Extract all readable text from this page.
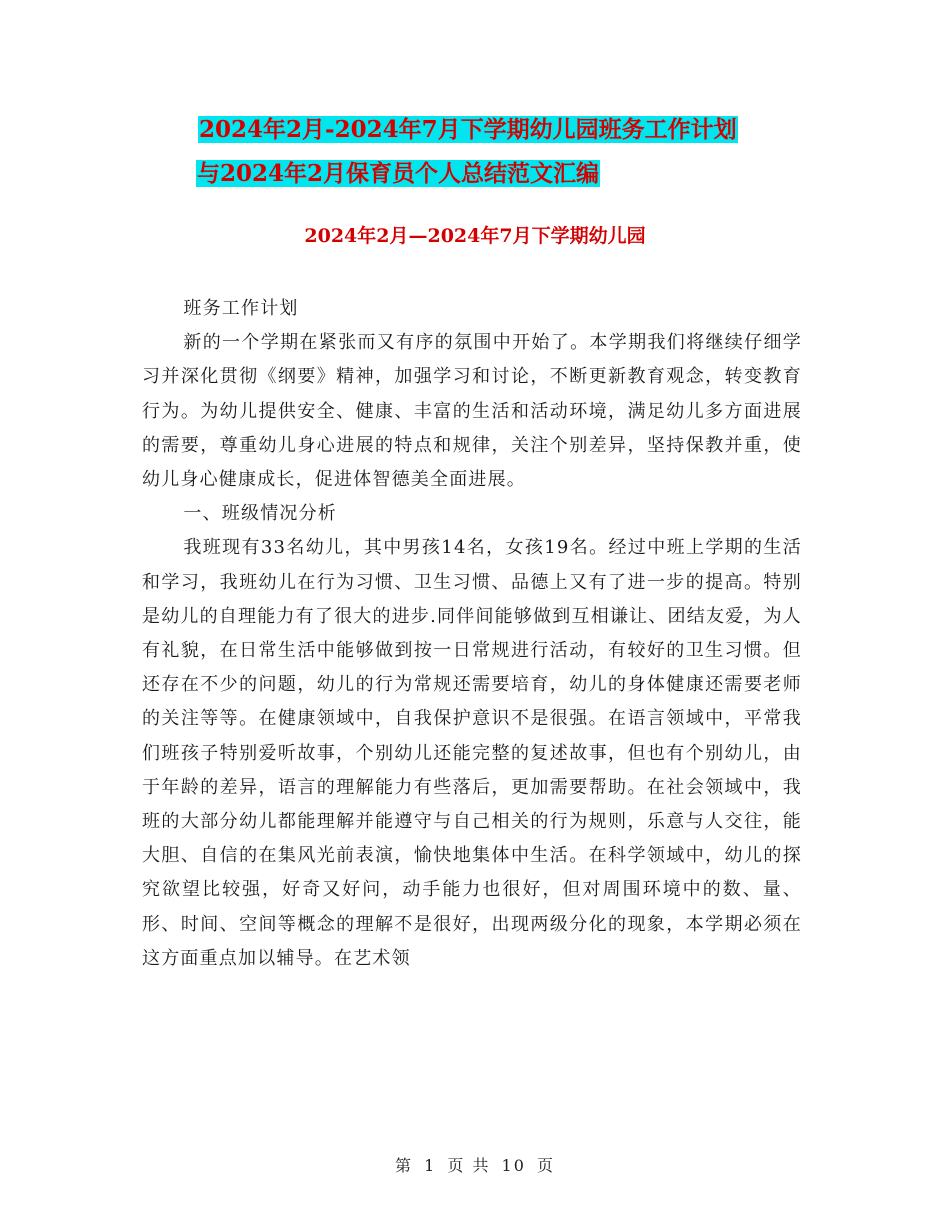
2024年2月-2024年7月下学期幼儿园班务工作计划
与2024年2月保育员个人总结范文汇编
2024年2月—2024年7月下学期幼儿园

班务工作计划

新的一个学期在紧张而又有序的氛围中开始了。本学期我们将继续仔细学习并深化贯彻《纲要》精神，加强学习和讨论，不断更新教育观念，转变教育行为。为幼儿提供安全、健康、丰富的生活和活动环境，满足幼儿多方面进展的需要，尊重幼儿身心进展的特点和规律，关注个别差异，坚持保教并重，使幼儿身心健康成长，促进体智德美全面进展。

一、班级情况分析

我班现有33名幼儿，其中男孩14名，女孩19名。经过中班上学期的生活和学习，我班幼儿在行为习惯、卫生习惯、品德上又有了进一步的提高。特别是幼儿的自理能力有了很大的进步.同伴间能够做到互相谦让、团结友爱，为人有礼貌，在日常生活中能够做到按一日常规进行活动，有较好的卫生习惯。但还存在不少的问题，幼儿的行为常规还需要培育，幼儿的身体健康还需要老师的关注等等。在健康领域中，自我保护意识不是很强。在语言领域中，平常我们班孩子特别爱听故事，个别幼儿还能完整的复述故事，但也有个别幼儿，由于年龄的差异，语言的理解能力有些落后，更加需要帮助。在社会领域中，我班的大部分幼儿都能理解并能遵守与自己相关的行为规则，乐意与人交往，能大胆、自信的在集风光前表演，愉快地集体中生活。在科学领域中，幼儿的探究欲望比较强，好奇又好问，动手能力也很好，但对周围环境中的数、量、形、时间、空间等概念的理解不是很好，出现两级分化的现象，本学期必须在这方面重点加以辅导。在艺术领

第 1 页 共 10 页
